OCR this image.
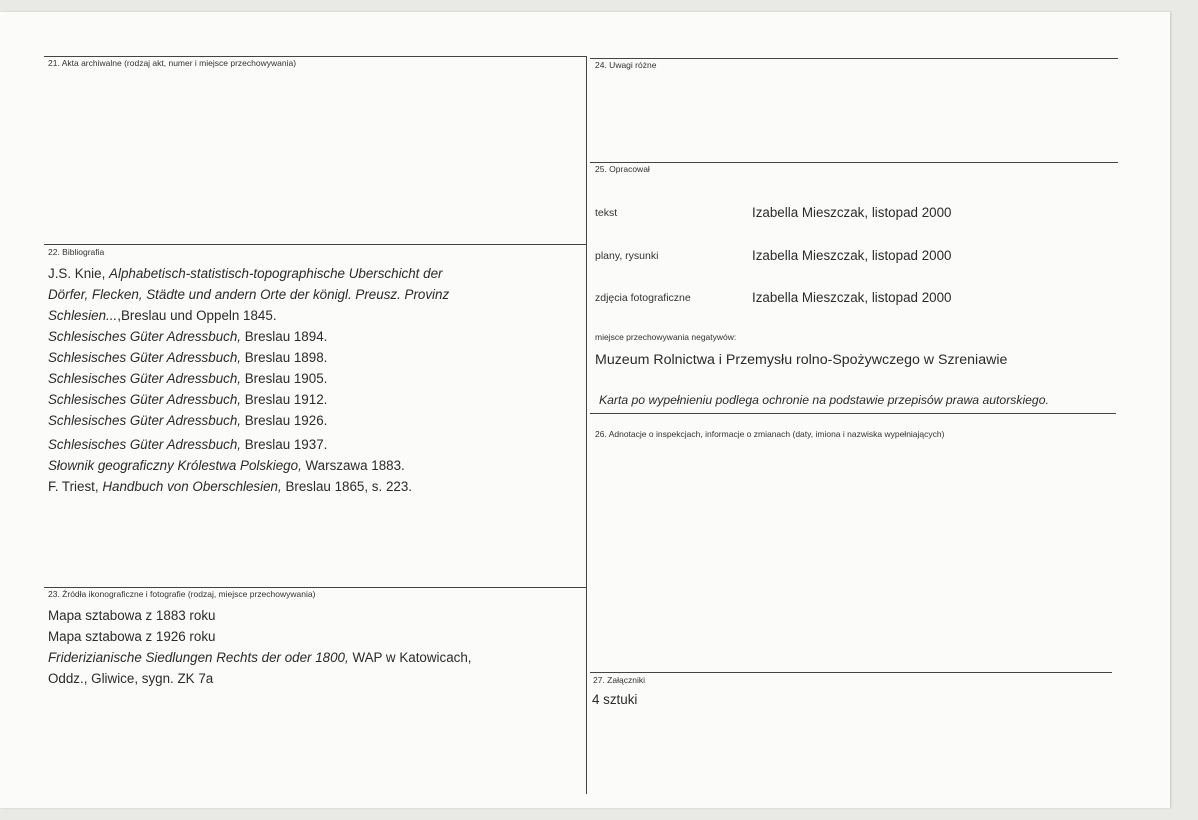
21. Akta archiwalne (rodzaj akt, numer i miejsce przechowywania)
22. Bibliografia
J.S. Knie, Alphabetisch-statistisch-topographische Uberschicht der
Dörfer, Flecken, Städte und andern Orte der königl. Preusz. Provinz
Schlesien...,Breslau und Oppeln 1845.
Schlesisches Güter Adressbuch, Breslau 1894.
Schlesisches Güter Adressbuch, Breslau 1898.
Schlesisches Güter Adressbuch, Breslau 1905.
Schlesisches Güter Adressbuch, Breslau 1912.
Schlesisches Güter Adressbuch, Breslau 1926.
Schlesisches Güter Adressbuch, Breslau 1937.
Słownik geograficzny Królestwa Polskiego, Warszawa 1883.
F. Triest, Handbuch von Oberschlesien, Breslau 1865, s. 223.
23. Źródła ikonograficzne i fotografie (rodzaj, miejsce przechowywania)
Mapa sztabowa z 1883 roku
Mapa sztabowa z 1926 roku
Friderizianische Siedlungen Rechts der oder 1800, WAP w Katowicach,
Oddz., Gliwice, sygn. ZK 7a
24. Uwagi różne
25. Opracował
tekst	Izabella Mieszczak, listopad 2000
plany, rysunki	Izabella Mieszczak, listopad 2000
zdjęcia fotograficzne	Izabella Mieszczak, listopad 2000
miejsce przechowywania negatywów:
Muzeum Rolnictwa i Przemysłu rolno-Spożywczego w Szreniawie
Karta po wypełnieniu podlega ochronie na podstawie przepisów prawa autorskiego.
26. Adnotacje o inspekcjach, informacje o zmianach (daty, imiona i nazwiska wypełniających)
27. Załączniki
4 sztuki
